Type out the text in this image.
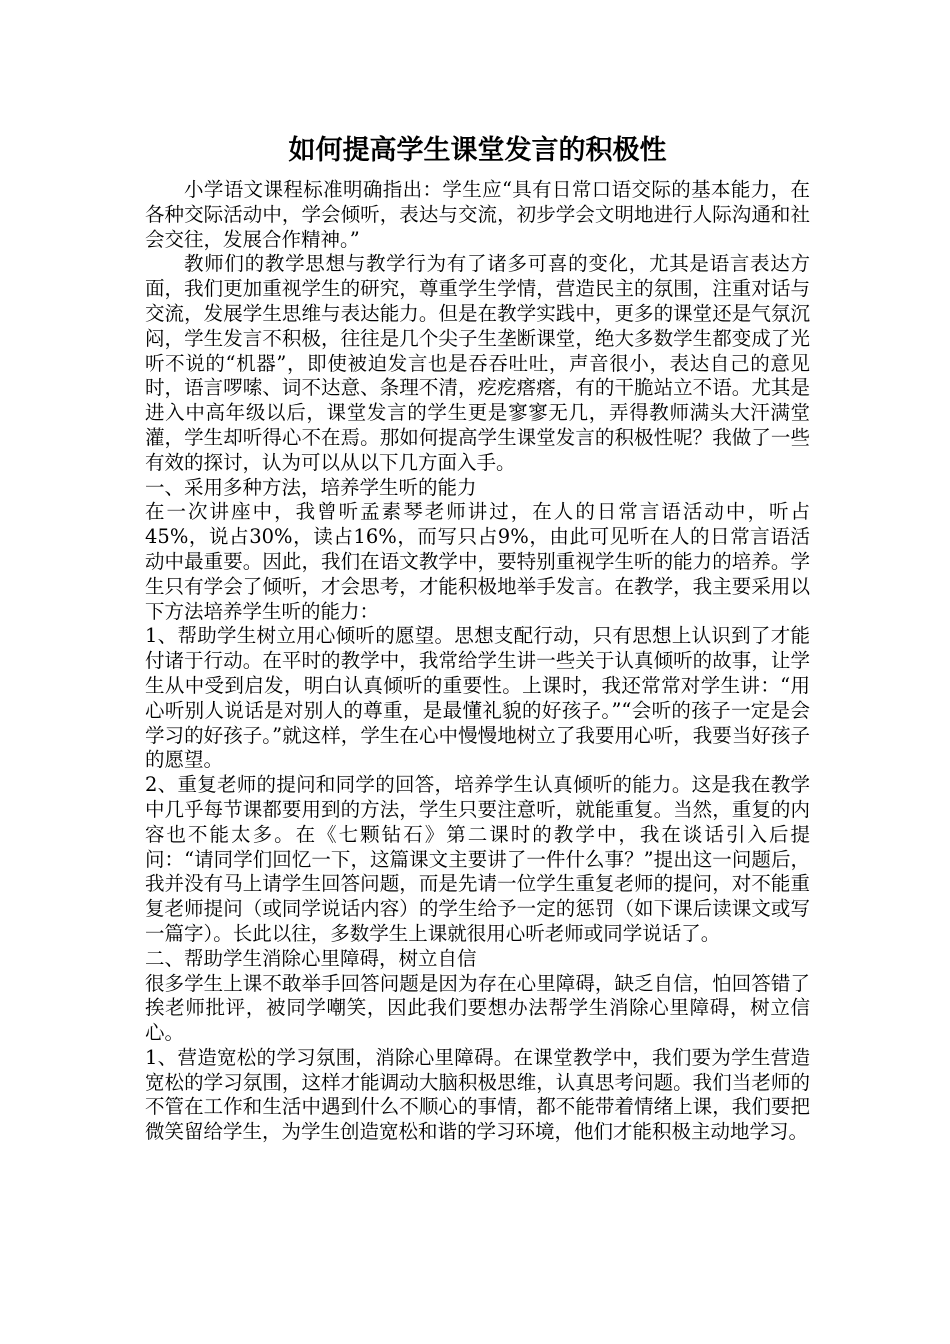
如何提高学生课堂发言的积极性

小学语文课程标准明确指出：学生应“具有日常口语交际的基本能力，在各种交际活动中，学会倾听，表达与交流，初步学会文明地进行人际沟通和社会交往，发展合作精神。”

教师们的教学思想与教学行为有了诸多可喜的变化，尤其是语言表达方面，我们更加重视学生的研究，尊重学生学情，营造民主的氛围，注重对话与交流，发展学生思维与表达能力。但是在教学实践中，更多的课堂还是气氛沉闷，学生发言不积极，往往是几个尖子生垄断课堂，绝大多数学生都变成了光听不说的“机器”，即使被迫发言也是吞吞吐吐，声音很小，表达自己的意见时，语言啰嗦、词不达意、条理不清，疙疙瘩瘩，有的干脆站立不语。尤其是进入中高年级以后，课堂发言的学生更是寥寥无几，弄得教师满头大汗满堂灌，学生却听得心不在焉。那如何提高学生课堂发言的积极性呢？我做了一些有效的探讨，认为可以从以下几方面入手。

一、采用多种方法，培养学生听的能力

在一次讲座中，我曾听孟素琴老师讲过，在人的日常言语活动中，听占45%，说占30%，读占16%，而写只占9%，由此可见听在人的日常言语活动中最重要。因此，我们在语文教学中，要特别重视学生听的能力的培养。学生只有学会了倾听，才会思考，才能积极地举手发言。在教学，我主要采用以下方法培养学生听的能力：

1、帮助学生树立用心倾听的愿望。思想支配行动，只有思想上认识到了才能付诸于行动。在平时的教学中，我常给学生讲一些关于认真倾听的故事，让学生从中受到启发，明白认真倾听的重要性。上课时，我还常常对学生讲：“用心听别人说话是对别人的尊重，是最懂礼貌的好孩子。”“会听的孩子一定是会学习的好孩子。”就这样，学生在心中慢慢地树立了我要用心听，我要当好孩子的愿望。

2、重复老师的提问和同学的回答，培养学生认真倾听的能力。这是我在教学中几乎每节课都要用到的方法，学生只要注意听，就能重复。当然，重复的内容也不能太多。在《七颗钻石》第二课时的教学中，我在谈话引入后提问：“请同学们回忆一下，这篇课文主要讲了一件什么事？”提出这一问题后，我并没有马上请学生回答问题，而是先请一位学生重复老师的提问，对不能重复老师提问（或同学说话内容）的学生给予一定的惩罚（如下课后读课文或写一篇字）。长此以往，多数学生上课就很用心听老师或同学说话了。

二、帮助学生消除心里障碍，树立自信

很多学生上课不敢举手回答问题是因为存在心里障碍，缺乏自信，怕回答错了挨老师批评，被同学嘲笑，因此我们要想办法帮学生消除心里障碍，树立信心。

1、营造宽松的学习氛围，消除心里障碍。在课堂教学中，我们要为学生营造宽松的学习氛围，这样才能调动大脑积极思维，认真思考问题。我们当老师的不管在工作和生活中遇到什么不顺心的事情，都不能带着情绪上课，我们要把微笑留给学生，为学生创造宽松和谐的学习环境，他们才能积极主动地学习。
